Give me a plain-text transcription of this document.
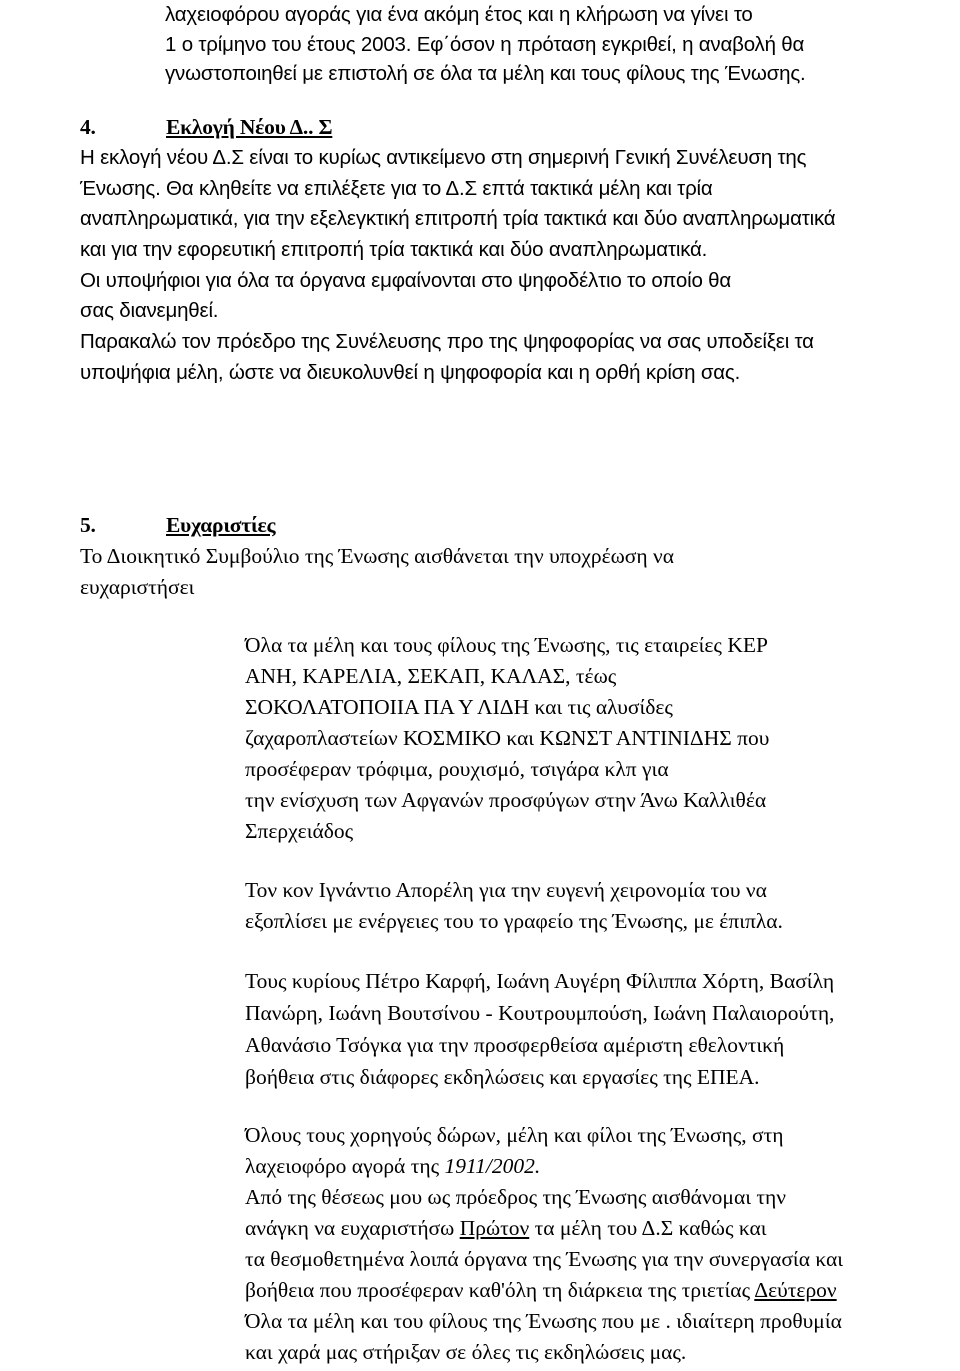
λαχειοφόρου αγοράς για ένα ακόμη έτος και η κλήρωση να γίνει το
1 ο τρίμηνο του έτους 2003. Εφ΄όσον η πρόταση εγκριθεί, η αναβολή θα
γνωστοποιηθεί με επιστολή σε όλα τα μέλη και τους φίλους της Ένωσης.
4.	Εκλογή Νέου Δ.. Σ
Η εκλογή νέου Δ.Σ είναι το κυρίως αντικείμενο στη σημερινή Γενική Συνέλευση της
Ένωσης. Θα κληθείτε να επιλέξετε για το Δ.Σ επτά τακτικά μέλη και τρία
αναπληρωματικά, για την εξελεγκτική επιτροπή τρία τακτικά και δύο αναπληρωματικά
και για την εφορευτική επιτροπή τρία τακτικά και δύο αναπληρωματικά.
Οι υποψήφιοι για όλα τα όργανα εμφαίνονται στο ψηφοδέλτιο το οποίο θα
σας διανεμηθεί.
Παρακαλώ τον πρόεδρο της Συνέλευσης προ της ψηφοφορίας να σας υποδείξει τα
υποψήφια μέλη, ώστε να διευκολυνθεί η ψηφοφορία και η ορθή κρίση σας.
5.	Ευχαριστίες
Το Διοικητικό Συμβούλιο της Ένωσης αισθάνεται την υποχρέωση να
ευχαριστήσει
Όλα τα μέλη και τους φίλους της Ένωσης, τις εταιρείες ΚΕΡ
ΑΝΗ, ΚΑΡΕΛΙΑ, ΣΕΚΑΠ, ΚΑΛΑΣ, τέως
ΣΟΚΟΛΑΤΟΠΟΙΙΑ ΠΑ Υ ΛΙΔΗ και τις αλυσίδες
ζαχαροπλαστείων ΚΟΣΜΙΚΟ και ΚΩΝΣΤ ΑΝΤΙΝΙΔΗΣ που
προσέφεραν τρόφιμα, ρουχισμό, τσιγάρα κλπ για
την ενίσχυση των Αφγανών προσφύγων στην Άνω Καλλιθέα
Σπερχειάδος
Τον κον Ιγνάντιο Απορέλη για την ευγενή χειρονομία του να
εξοπλίσει με ενέργειες του το γραφείο της Ένωσης, με έπιπλα.
Τους κυρίους Πέτρο Καρφή, Ιωάνη Αυγέρη Φίλιππα Χόρτη, Βασίλη
Πανώρη, Ιωάνη Βουτσίνου - Κουτρουμπούση, Ιωάνη Παλαιορούτη,
Αθανάσιο Τσόγκα για την προσφερθείσα αμέριστη εθελοντική
βοήθεια στις διάφορες εκδηλώσεις και εργασίες της ΕΠΕΑ.
Όλους τους χορηγούς δώρων, μέλη και φίλοι της Ένωσης, στη
λαχειοφόρο αγορά της 1911/2002.
Από της θέσεως μου ως πρόεδρος της Ένωσης αισθάνομαι την
ανάγκη να ευχαριστήσω Πρώτον τα μέλη του Δ.Σ καθώς και
τα θεσμοθετημένα λοιπά όργανα της Ένωσης για την συνεργασία και
βοήθεια που προσέφεραν καθ'όλη τη διάρκεια της τριετίας Δεύτερον
Όλα τα μέλη και του φίλους της Ένωσης που με . ιδιαίτερη προθυμία
και χαρά μας στήριξαν σε όλες τις εκδηλώσεις μας.
